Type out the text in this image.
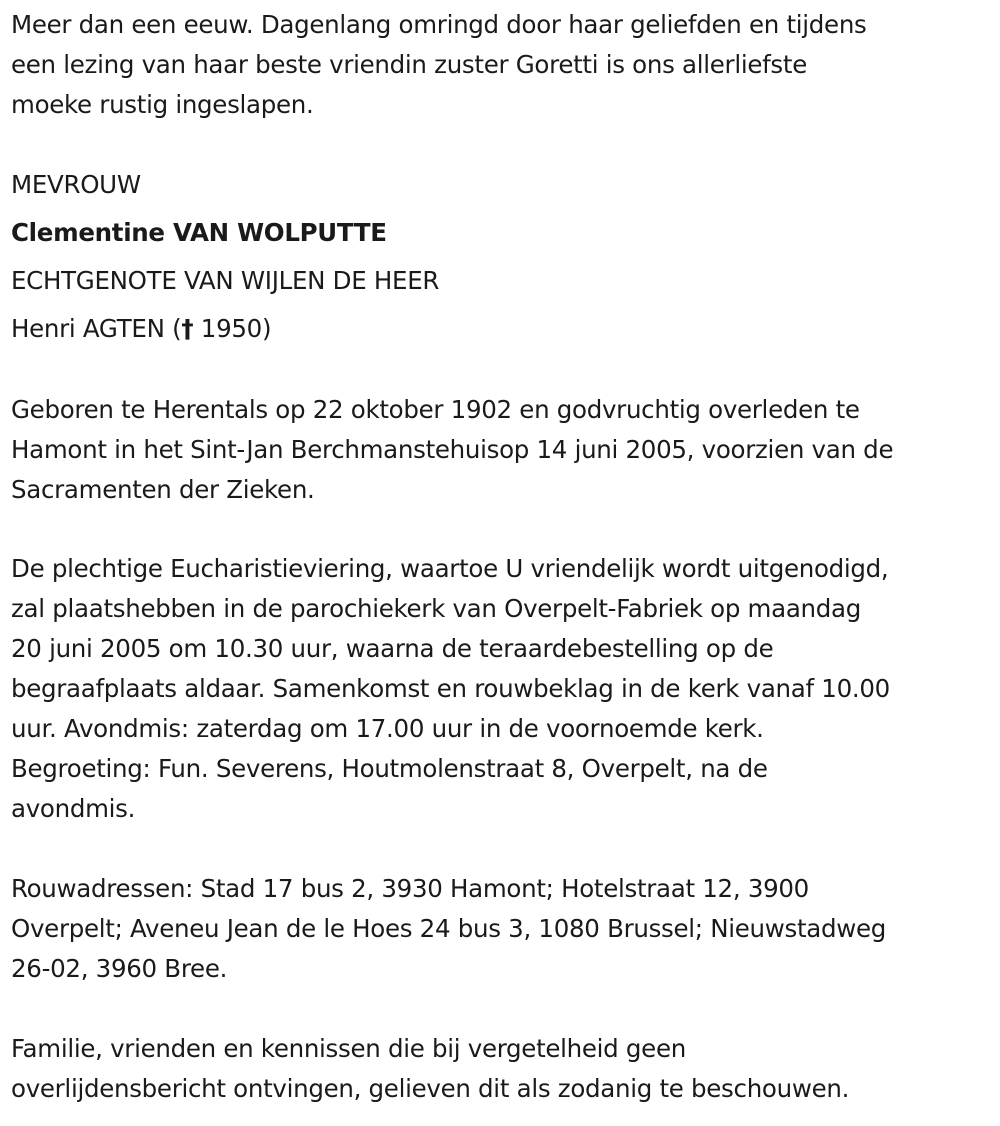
Meer dan een eeuw. Dagenlang omringd door haar geliefden en tijdens
een lezing van haar beste vriendin zuster Goretti is ons allerliefste
moeke rustig ingeslapen.

MEVROUW

Clementine VAN WOLPUTTE

ECHTGENOTE VAN WIJLEN DE HEER

Henri AGTEN († 1950)

Geboren te Herentals op 22 oktober 1902 en godvruchtig overleden te
Hamont in het Sint-Jan Berchmanstehuisop 14 juni 2005, voorzien van de
Sacramenten der Zieken.

De plechtige Eucharistieviering, waartoe U vriendelijk wordt uitgenodigd,
zal plaatshebben in de parochiekerk van Overpelt-Fabriek op maandag
20 juni 2005 om 10.30 uur, waarna de teraardebestelling op de
begraafplaats aldaar. Samenkomst en rouwbeklag in de kerk vanaf 10.00
uur. Avondmis: zaterdag om 17.00 uur in de voornoemde kerk.
Begroeting: Fun. Severens, Houtmolenstraat 8, Overpelt, na de
avondmis.

Rouwadressen: Stad 17 bus 2, 3930 Hamont; Hotelstraat 12, 3900
Overpelt; Aveneu Jean de le Hoes 24 bus 3, 1080 Brussel; Nieuwstadweg
26-02, 3960 Bree.

Familie, vrienden en kennissen die bij vergetelheid geen
overlijdensbericht ontvingen, gelieven dit als zodanig te beschouwen.
